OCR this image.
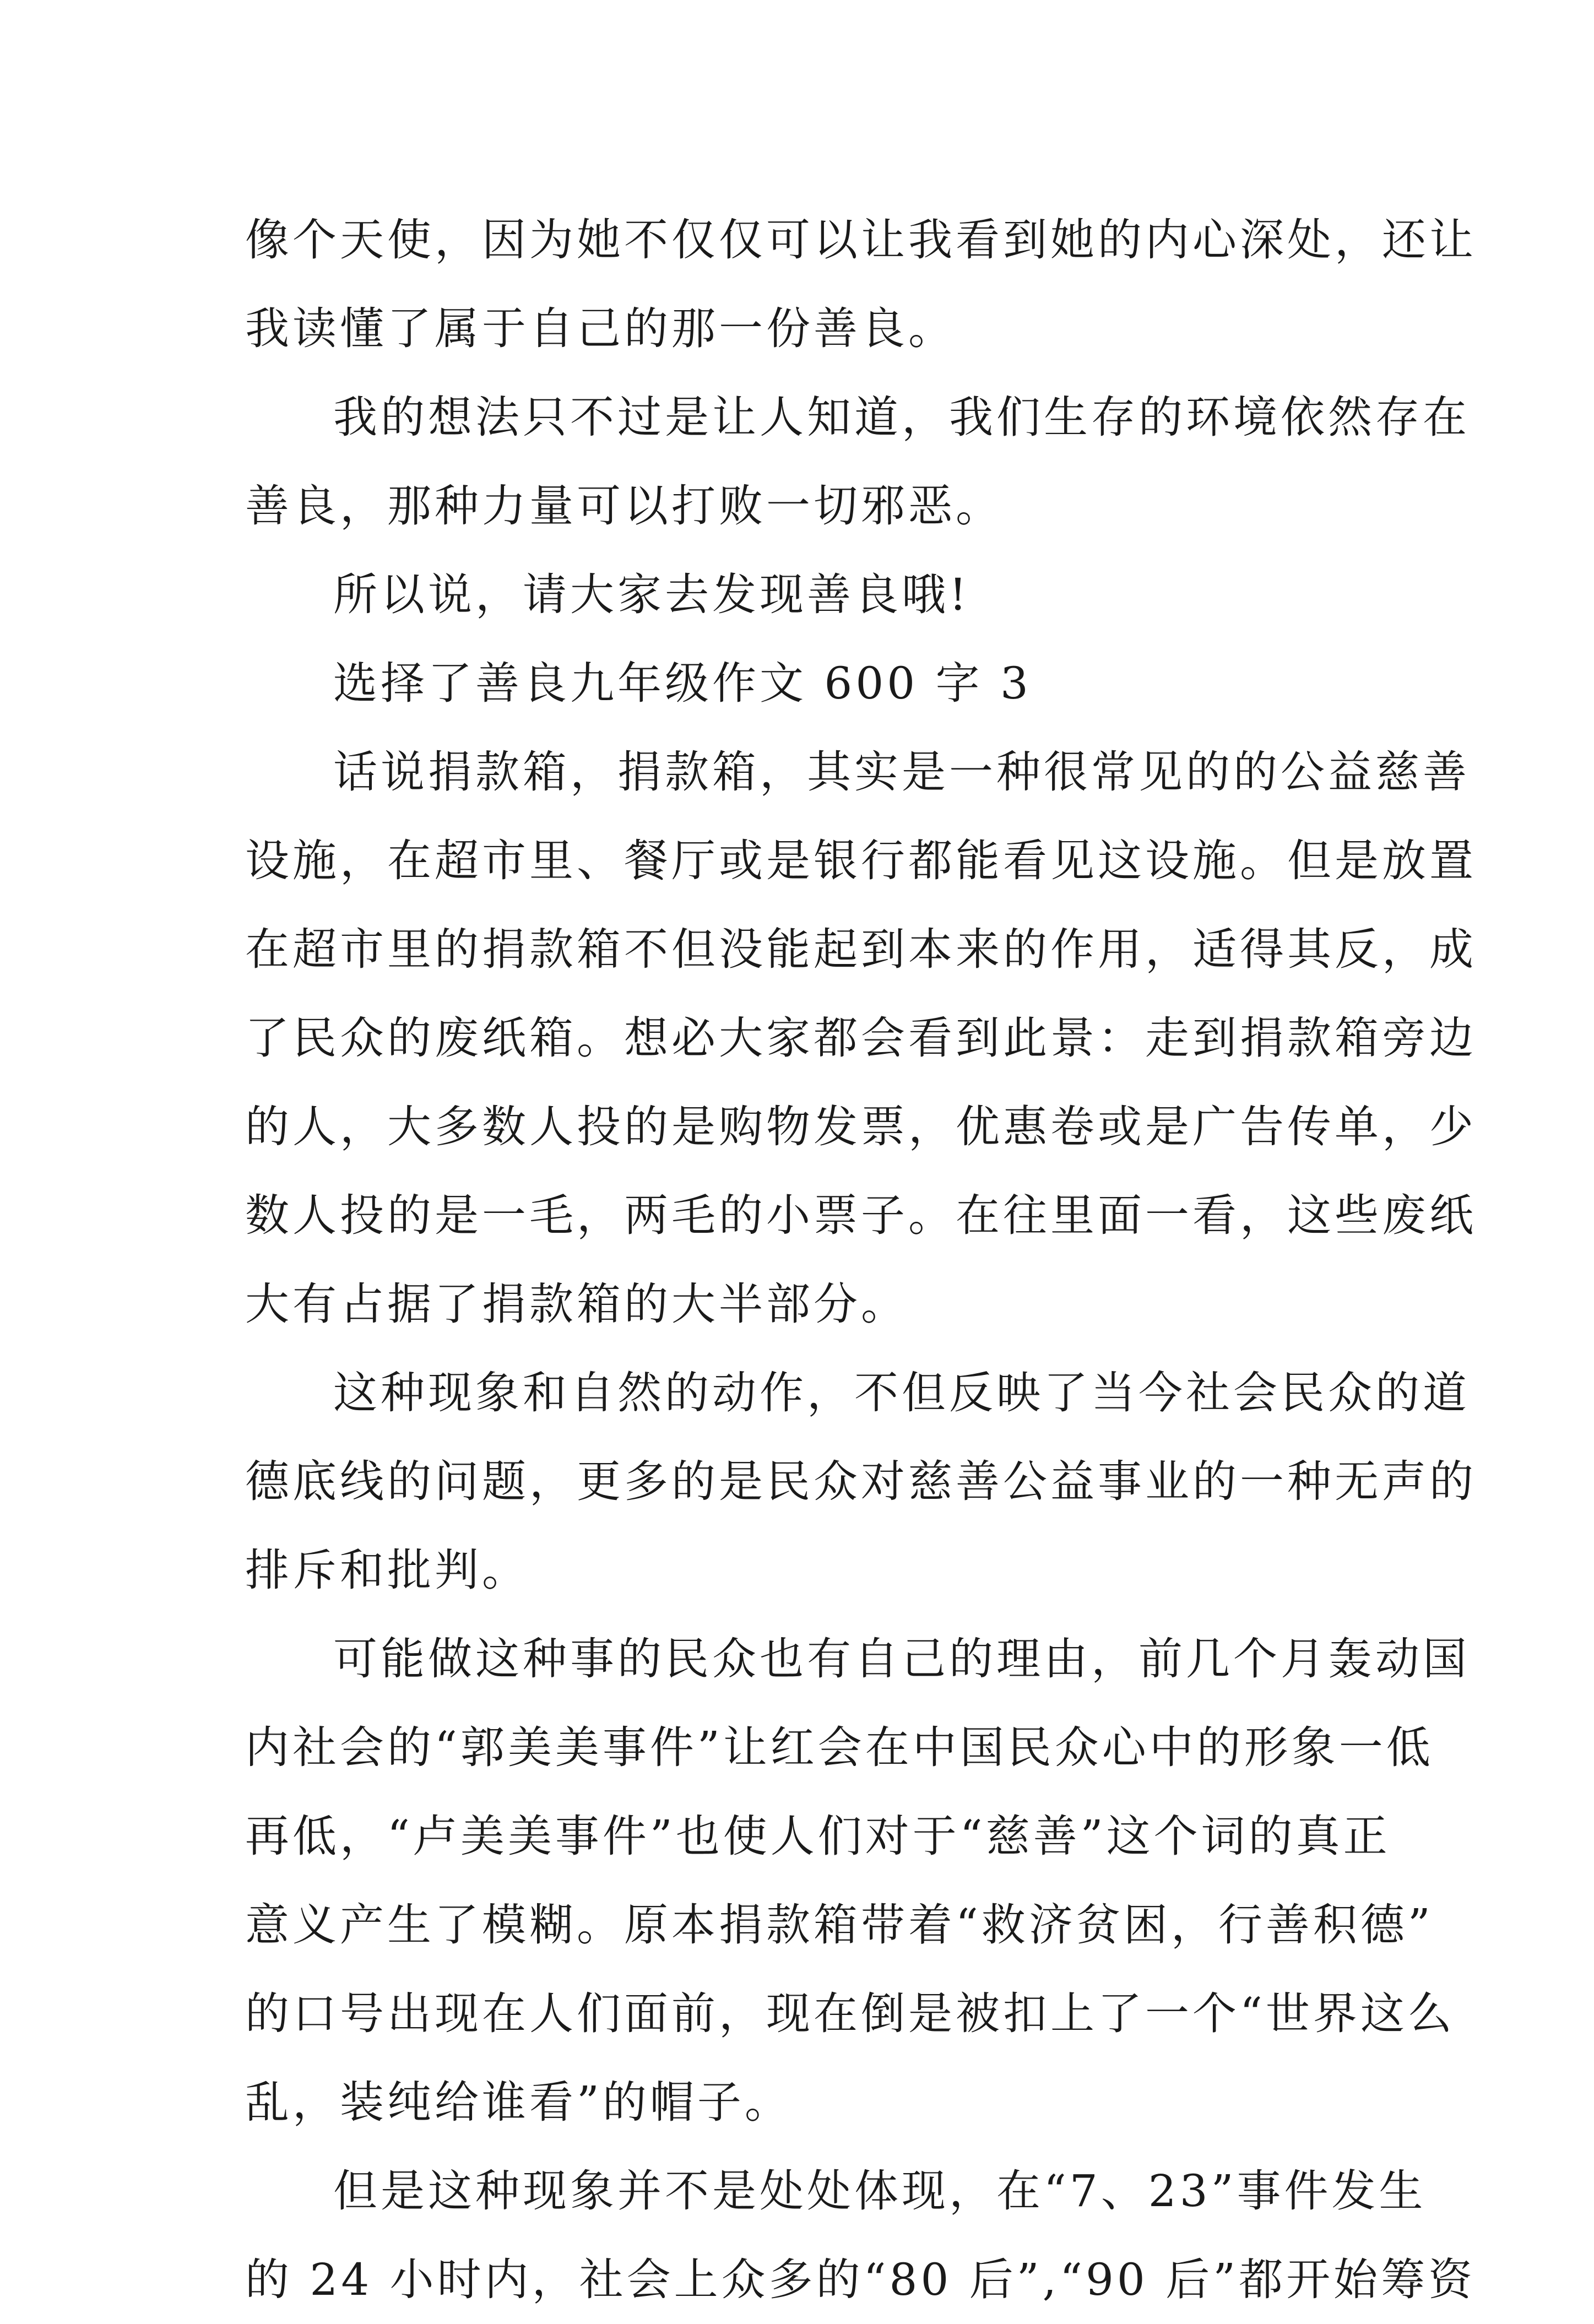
像个天使，因为她不仅仅可以让我看到她的内心深处，还让
我读懂了属于自己的那一份善良。
我的想法只不过是让人知道，我们生存的环境依然存在
善良，那种力量可以打败一切邪恶。
所以说，请大家去发现善良哦!
选择了善良九年级作文 600 字 3
话说捐款箱，捐款箱，其实是一种很常见的的公益慈善
设施，在超市里、餐厅或是银行都能看见这设施。但是放置
在超市里的捐款箱不但没能起到本来的作用，适得其反，成
了民众的废纸箱。想必大家都会看到此景：走到捐款箱旁边
的人，大多数人投的是购物发票，优惠卷或是广告传单，少
数人投的是一毛，两毛的小票子。在往里面一看，这些废纸
大有占据了捐款箱的大半部分。
这种现象和自然的动作，不但反映了当今社会民众的道
德底线的问题，更多的是民众对慈善公益事业的一种无声的
排斥和批判。
可能做这种事的民众也有自己的理由，前几个月轰动国
内社会的“郭美美事件”让红会在中国民众心中的形象一低
再低，“卢美美事件”也使人们对于“慈善”这个词的真正
意义产生了模糊。原本捐款箱带着“救济贫困，行善积德”
的口号出现在人们面前，现在倒是被扣上了一个“世界这么
乱，装纯给谁看”的帽子。
但是这种现象并不是处处体现，在“7、23”事件发生
的 24 小时内，社会上众多的“80 后”,“90 后”都开始筹资
